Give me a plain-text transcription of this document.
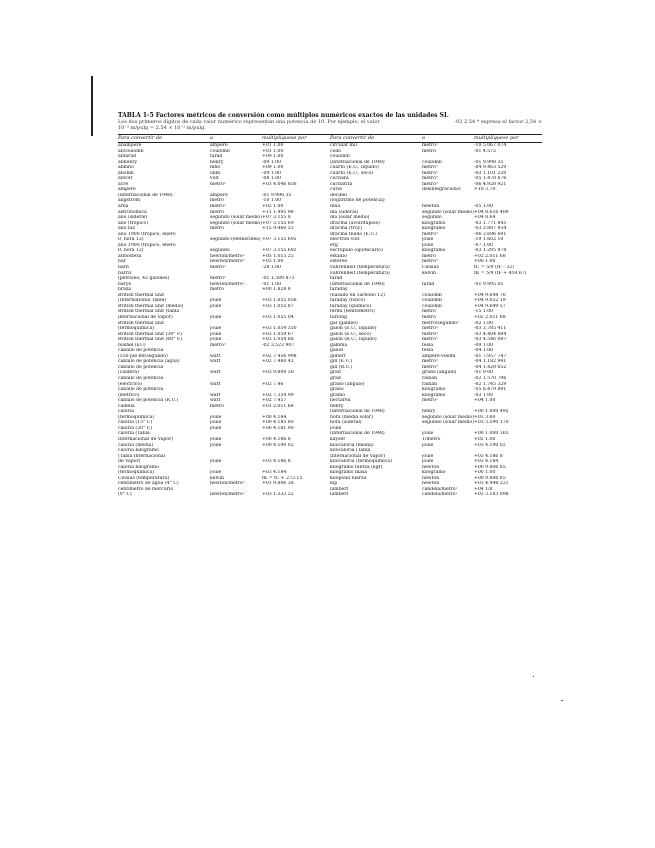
TABLA 1-5 Factores métricos de conversión como múltiplos numéricos exactos de las unidades SI.
Los dos primeros dígitos de cada valor numérico representan una potencia de 10. Por ejemplo, el valor	-02 2.54 * expresa el factor 2,54 ×
10⁻² m/pulg = 2.54 × 10⁻² m/pulg.
Para convertir de	a	multiplíquese por	Para convertir de	a	multiplíquese por
abampere	ampere	+01 1.00
abcoulomb	coulomb	+01 1.00
abfarad	farad	+09 1.00
abhenry	henry	-09 1.00
abmho	mho	+09 1.00
abohm	ohm	-09 1.00
abvolt	volt	-08 1.00
acre	metro²	+03 4.046 856
ampere
(internacional de 1948)	ampere	-01 9.998 35
angstrom	metro	-10 1.00
área	metro²	+02 1.00
astronómica	metro	+11 1.495 98
año (sideral)	segundo (solar medio) +07 3.155 8
año (trópico)	segundo (solar medio) +07 3.155 69
año luz	metro	+15 9.460 55
año 1900 (trópico, enero
0, hora 12)	segundo (efemérides) +07 3.155 692
año 1900 (trópico, enero
0, hora 12)	segundo	+07 3.155 692
atmósfera	newton/metro²	+05 1.013 25
bar	newton/metro²	+05 1.00
barn	metro²	-28 1.00
barril
(petróleo, 42 galones)	metro³	-01 1.589 873
barye	newton/metro²	-01 1.00
braza	metro	+00 1.828 8
British thermal unit
(International Table)	joule	+03 1.055 056
British thermal unit (medio)	joule	+03 1.055 87
British thermal unit (tabla
internacional de Vapor)	joule	+03 1.055 04
British thermal unit
(termoquímica)	joule	+03 1.054 350
British thermal unit (39° F)	joule	+03 1.059 67
British thermal unit (60° F)	joule	+03 1.054 68
bushel (EU)	metro³	-02 3.523 907
caballo de potencia
(550 pie-lbf/segundo)	watt	+02 7.456 998
caballo de potencia (agua)	watt	+02 7.460 43
caballo de potencia
(caldera)	watt	+03 9.809 50
caballo de potencia
(eléctrico)	watt	+02 7.46
caballo de potencia
(métrico)	watt	+02 7.354 99
caballo de potencia (R.U.)	watt	+02 7.457
cadena	metro	+01 2.011 68
caloría
(termoquímica)	joule	+00 4.184
caloría (15° C)	joule	+00 4.185 80
caloría (20° C)	joule	+00 4.181 90
caloría (Tabla
Internacional de Vapor)	joule	+00 4.186 8
caloría (media)	joule	+00 4.190 02
caloría kilogramo
(Tabla Internacional
de Vapor)	joule	+03 4.186 8
caloría kilogramo
(termoquímica)	joule	+03 4.184
Celsius (temperatura)	kelvin	tK = tC + 273.15
centímetro de agua (4° C)	newton/metro²	+01 9.806 38
centímetro de mercurio
(0° C)	newton/metro²	+03 1.333 22
circular mil	metro²	-10 5.067 074
codo	metro	-01 4.572
coulomb
(internacional de 1948)	coulomb	-01 9.998 35
cuarto (E.U., líquido)	metro³	-04 9.463 529
cuarto (E.U., seco)	metro³	-03 1.101 220
cuchara	metro³	-05 1.478 676
cucharita	metro³	-06 4.928 921
curie	desintegración/s	+10 3.70
decibel
(logaritmo de potencia)
dina	newton	-05 1.00
día (sideral)	segundo (solar medio) +04 8.616 409
día (solar medio)	segundo	+04 8.64
dracma (avoirdupois)	kilogramo	-03 1.771 845
dracma (troy)	kilogramo	-03 3.887 934
dracma fluido (E.U.)	metro³	-06 3.696 691
electrón volt	joule	-19 1.602 10
erg	joule	-07 1.00
escrúpulo (apotecario)	kilogramo	-03 1.295 978
estadio	metro	+02 2.011 68
estéreo	metro³	+00 1.00
Fahrenheit (temperatura)	Celsius	tC = 5/9 (tF - 32)
Fahrenheit (temperatura)	kelvin	tK = 5/9 (tF + 459.67)
farad
(internacional de 1948)	farad	-01 9.995 05
faraday
(basado en carbono 12)	coulomb	+04 9.648 70
faraday (físico)	coulomb	+04 9.652 19
faraday (químico)	coulomb	+04 9.649 57
fermi (femtómetro)	metro	-15 1.00
furlong	metro	+02 2.011 68
gal (galileo)	metro/segundo²	-02 1.00
galón (E.U., líquido)	metro³	-03 3.785 411
galón (E.U., seco)	metro³	-03 4.404 884
galón (R.U., líquido)	metro³	-03 4.546 087
gamma	tesla	-09 1.00
gauss	tesla	-04 1.00
gilbert	ampere-vuelta	-01 7.957 747
gill (E.U.)	metro³	-04 1.182 941
gill (R.U.)	metro³	-04 1.420 652
grad	grado (ángulo)	-01 9.00
grad	radián	-02 1.570 796
grado (ángulo)	radián	-02 1.745 329
grano	kilogramo	-05 6.479 891
gramo	kilogramo	-03 1.00
hectárea	metro²	+04 1.00
henry
(internacional de 1948)	henry	+00 1.000 495
hora (media solar)	segundo (solar medio) +03 3.60
hora (sideral)	segundo (solar medio) +03 3.590 170
joule
(internacional de 1948)	joule	+00 1.000 165
kayser	1/metro	+02 1.00
kilocaloría (media)	joule	+03 4.190 02
kilocaloría (Tabla
Internacional de Vapor)	joule	+03 4.186 8
kilocaloría (termoquímica)	joule	+03 4.184
kilogramo fuerza (kgf)	newton	+00 9.806 65
kilogramo masa	kilogramo	+00 1.00
kilopond fuerza	newton	+00 9.806 65
kip	newton	+03 4.448 221
lambert	candela/metro²	+04 1/π
lambert	candela/metro²	+03 3.183 098
